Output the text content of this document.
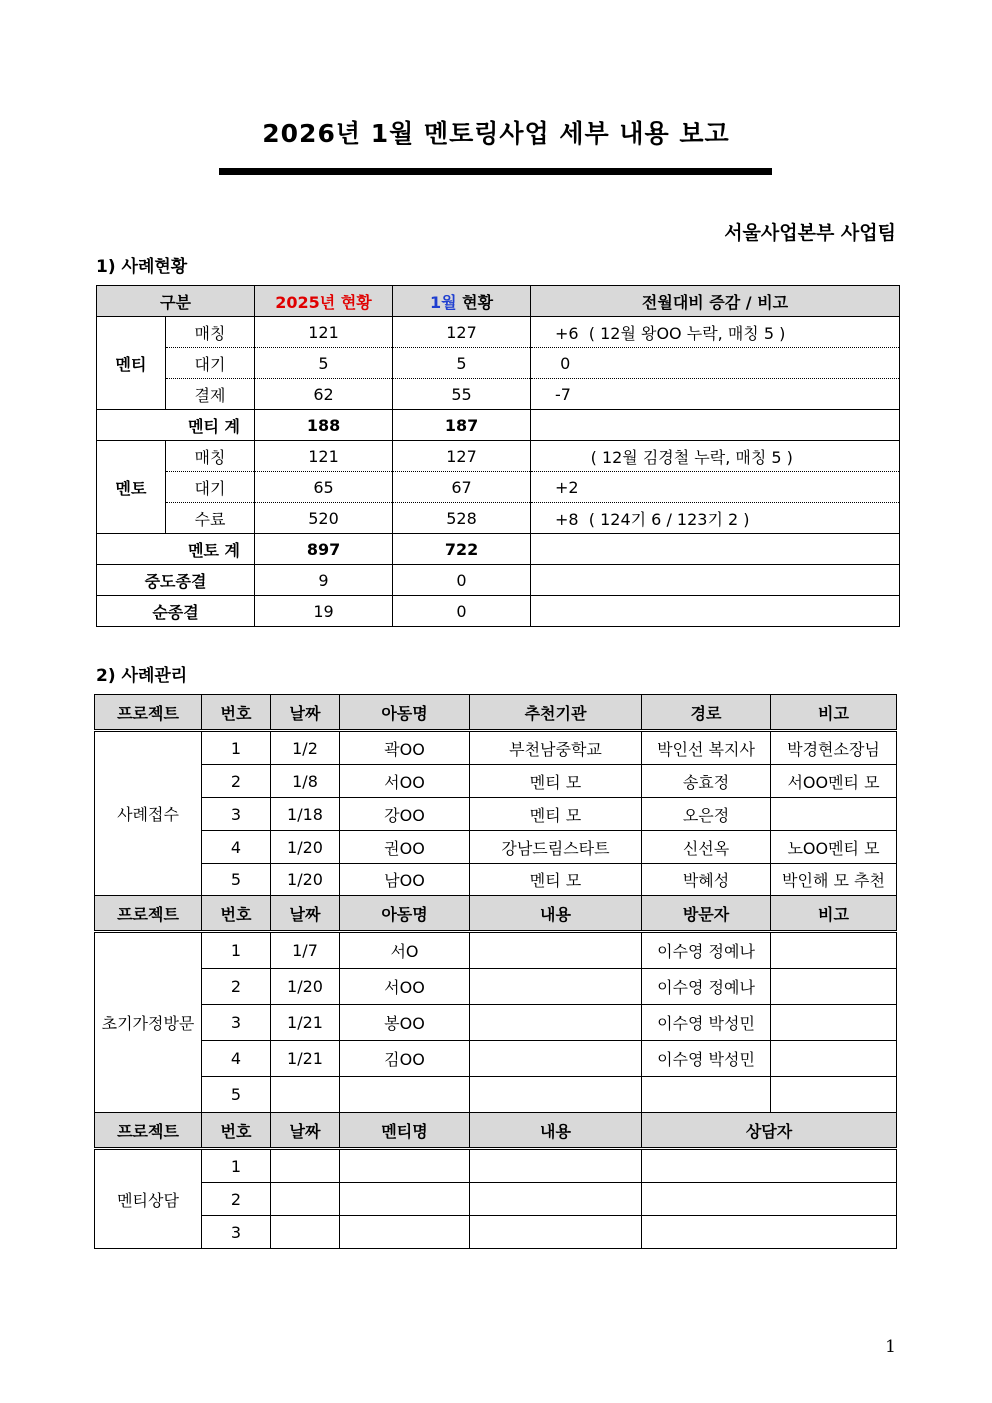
2026년 1월 멘토링사업 세부 내용 보고
서울사업본부 사업팀
1) 사례현황
구분		2025년 현황	1월 현황	전월대비 증감 / 비고
멘티	매칭	121	127	+6  ( 12월 왕OO 누락, 매칭 5 )
	대기	5	5	0
	결제	62	55	-7
멘티 계		188	187	
멘토	매칭	121	127	( 12월 김경철 누락, 매칭 5 )
	대기	65	67	+2
	수료	520	528	+8  ( 124기 6 / 123기 2 )
멘토 계		897	722	
중도종결		9	0	
순종결		19	0	
2) 사례관리
프로젝트	번호	날짜	아동명	추천기관	경로	비고
사례접수	1	1/2	곽OO	부천남중학교	박인선 복지사	박경현소장님
	2	1/8	서OO	멘티 모	송효정	서OO멘티 모
	3	1/18	강OO	멘티 모	오은정	
	4	1/20	권OO	강남드림스타트	신선옥	노OO멘티 모
	5	1/20	남OO	멘티 모	박혜성	박인해 모 추천
프로젝트	번호	날짜	아동명	내용	방문자	비고
초기가정방문	1	1/7	서O		이수영 정예나	
	2	1/20	서OO		이수영 정예나	
	3	1/21	봉OO		이수영 박성민	
	4	1/21	김OO		이수영 박성민	
	5					
프로젝트	번호	날짜	멘티명	내용	상담자	
멘티상담	1					
	2					
	3					
1
